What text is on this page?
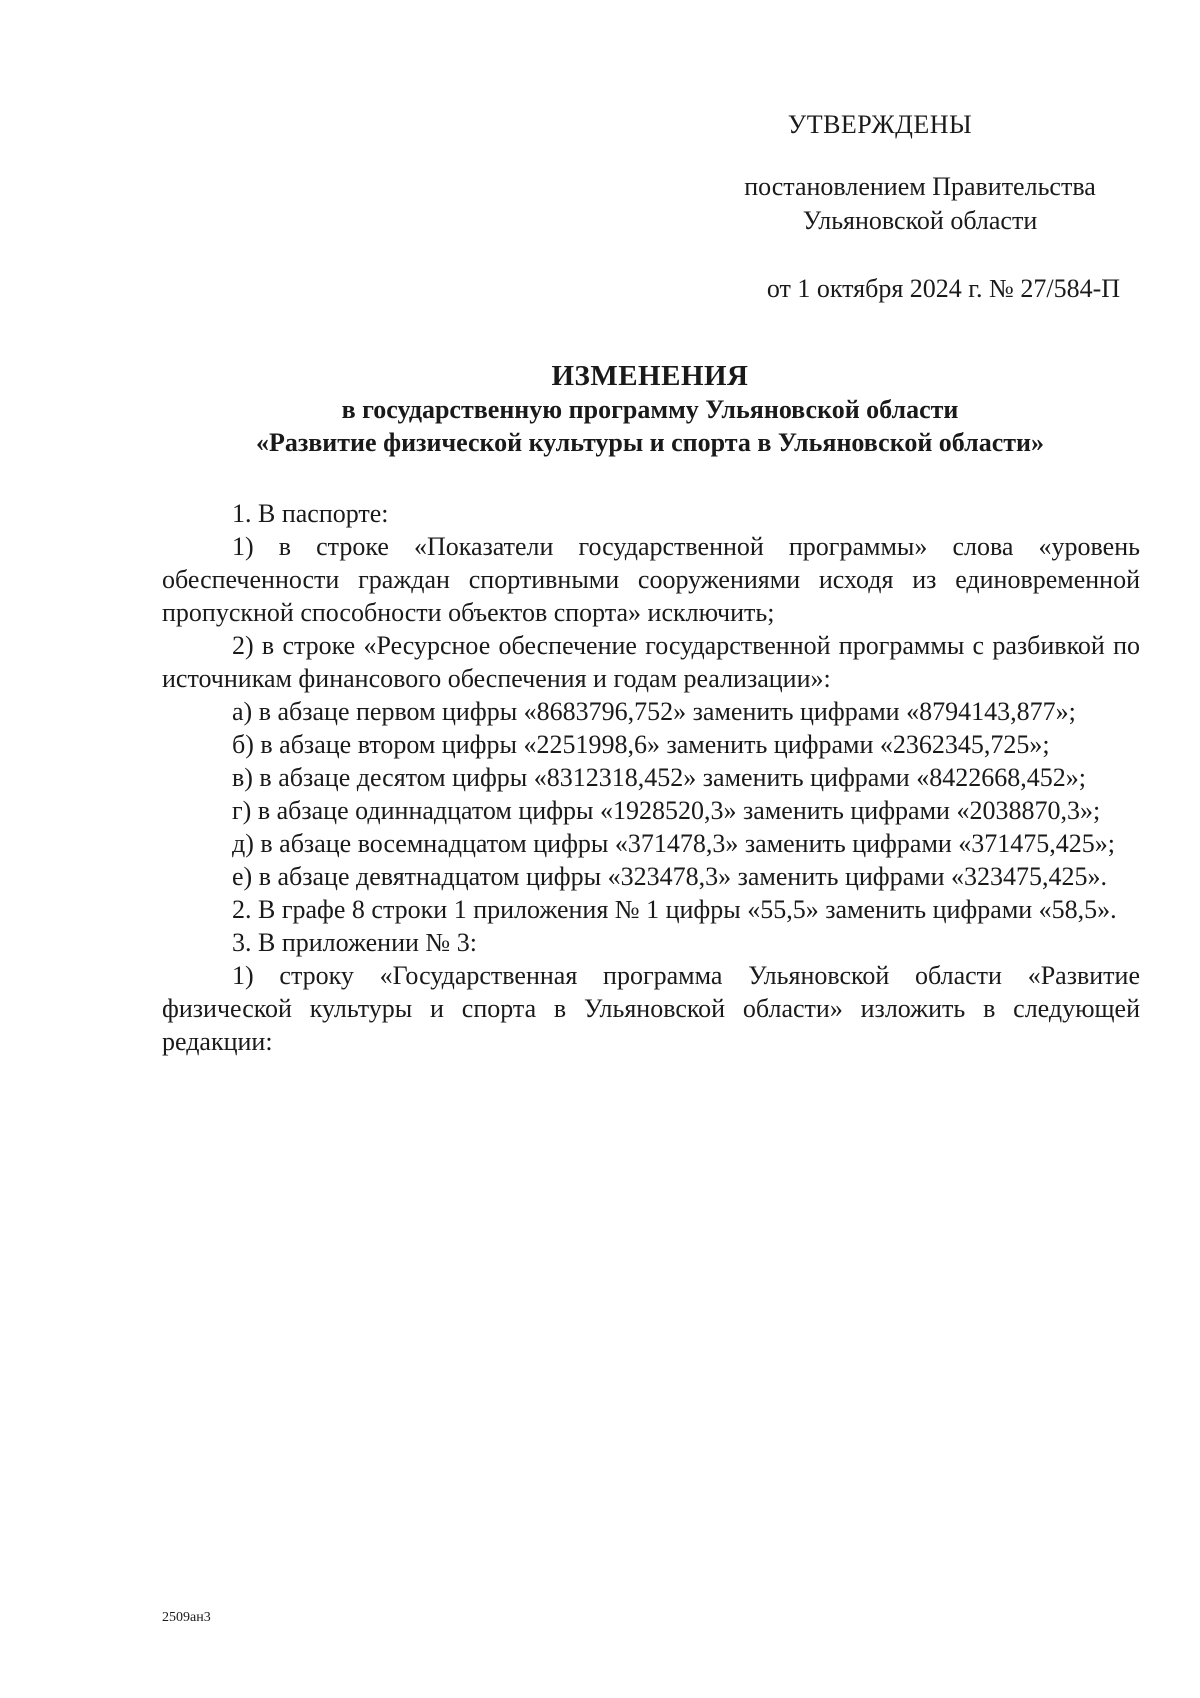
УТВЕРЖДЕНЫ
постановлением Правительства
Ульяновской области
от 1 октября 2024 г. № 27/584-П
ИЗМЕНЕНИЯ
в государственную программу Ульяновской области
«Развитие физической культуры и спорта в Ульяновской области»

1. В паспорте:

1) в строке «Показатели государственной программы» слова «уровень обеспеченности граждан спортивными сооружениями исходя из единовременной пропускной способности объектов спорта» исключить;

2) в строке «Ресурсное обеспечение государственной программы с разбивкой по источникам финансового обеспечения и годам реализации»:

а) в абзаце первом цифры «8683796,752» заменить цифрами «8794143,877»;

б) в абзаце втором цифры «2251998,6» заменить цифрами «2362345,725»;

в) в абзаце десятом цифры «8312318,452» заменить цифрами «8422668,452»;

г) в абзаце одиннадцатом цифры «1928520,3» заменить цифрами «2038870,3»;

д) в абзаце восемнадцатом цифры «371478,3» заменить цифрами «371475,425»;

е) в абзаце девятнадцатом цифры «323478,3» заменить цифрами «323475,425».

2. В графе 8 строки 1 приложения № 1 цифры «55,5» заменить цифрами «58,5».

3. В приложении № 3:

1) строку «Государственная программа Ульяновской области «Развитие физической культуры и спорта в Ульяновской области» изложить в следующей редакции:

2509ан3
